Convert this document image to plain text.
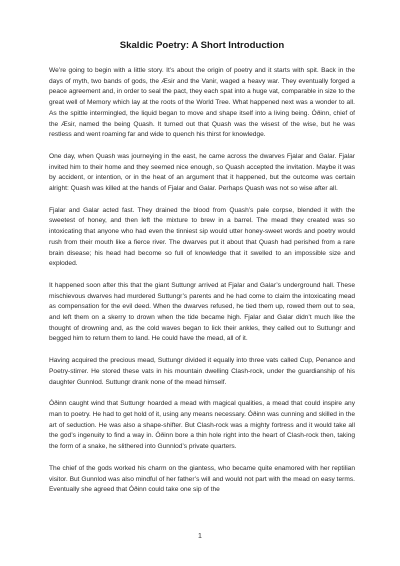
Skaldic Poetry: A Short Introduction

We’re going to begin with a little story. It’s about the origin of poetry and it starts with spit. Back in the days of myth, two bands of gods, the Æsir and the Vanir, waged a heavy war. They eventually forged a peace agreement and, in order to seal the pact, they each spat into a huge vat, comparable in size to the great well of Memory which lay at the roots of the World Tree. What happened next was a wonder to all. As the spittle intermingled, the liquid began to move and shape itself into a living being. Óðinn, chief of the Æsir, named the being Quash. It turned out that Quash was the wisest of the wise, but he was restless and went roaming far and wide to quench his thirst for knowledge.

One day, when Quash was journeying in the east, he came across the dwarves Fjalar and Galar. Fjalar invited him to their home and they seemed nice enough, so Quash accepted the invitation. Maybe it was by accident, or intention, or in the heat of an argument that it happened, but the outcome was certain alright: Quash was killed at the hands of Fjalar and Galar. Perhaps Quash was not so wise after all.

Fjalar and Galar acted fast. They drained the blood from Quash’s pale corpse, blended it with the sweetest of honey, and then left the mixture to brew in a barrel. The mead they created was so intoxicating that anyone who had even the tinniest sip would utter honey-sweet words and poetry would rush from their mouth like a fierce river. The dwarves put it about that Quash had perished from a rare brain disease; his head had become so full of knowledge that it swelled to an impossible size and exploded.

It happened soon after this that the giant Suttungr arrived at Fjalar and Galar’s underground hall. These mischievous dwarves had murdered Suttungr’s parents and he had come to claim the intoxicating mead as compensation for the evil deed. When the dwarves refused, he tied them up, rowed them out to sea, and left them on a skerry to drown when the tide became high. Fjalar and Galar didn’t much like the thought of drowning and, as the cold waves began to lick their ankles, they called out to Suttungr and begged him to return them to land. He could have the mead, all of it.

Having acquired the precious mead, Suttungr divided it equally into three vats called Cup, Penance and Poetry-stirrer. He stored these vats in his mountain dwelling Clash-rock, under the guardianship of his daughter Gunnlod. Suttungr drank none of the mead himself.

Óðinn caught wind that Suttungr hoarded a mead with magical qualities, a mead that could inspire any man to poetry. He had to get hold of it, using any means necessary. Óðinn was cunning and skilled in the art of seduction. He was also a shape-shifter. But Clash-rock was a mighty fortress and it would take all the god’s ingenuity to find a way in. Óðinn bore a thin hole right into the heart of Clash-rock then, taking the form of a snake, he slithered into Gunnlod’s private quarters.

The chief of the gods worked his charm on the giantess, who became quite enamored with her reptilian visitor. But Gunnlod was also mindful of her father’s will and would not part with the mead on easy terms. Eventually she agreed that Óðinn could take one sip of the

1
